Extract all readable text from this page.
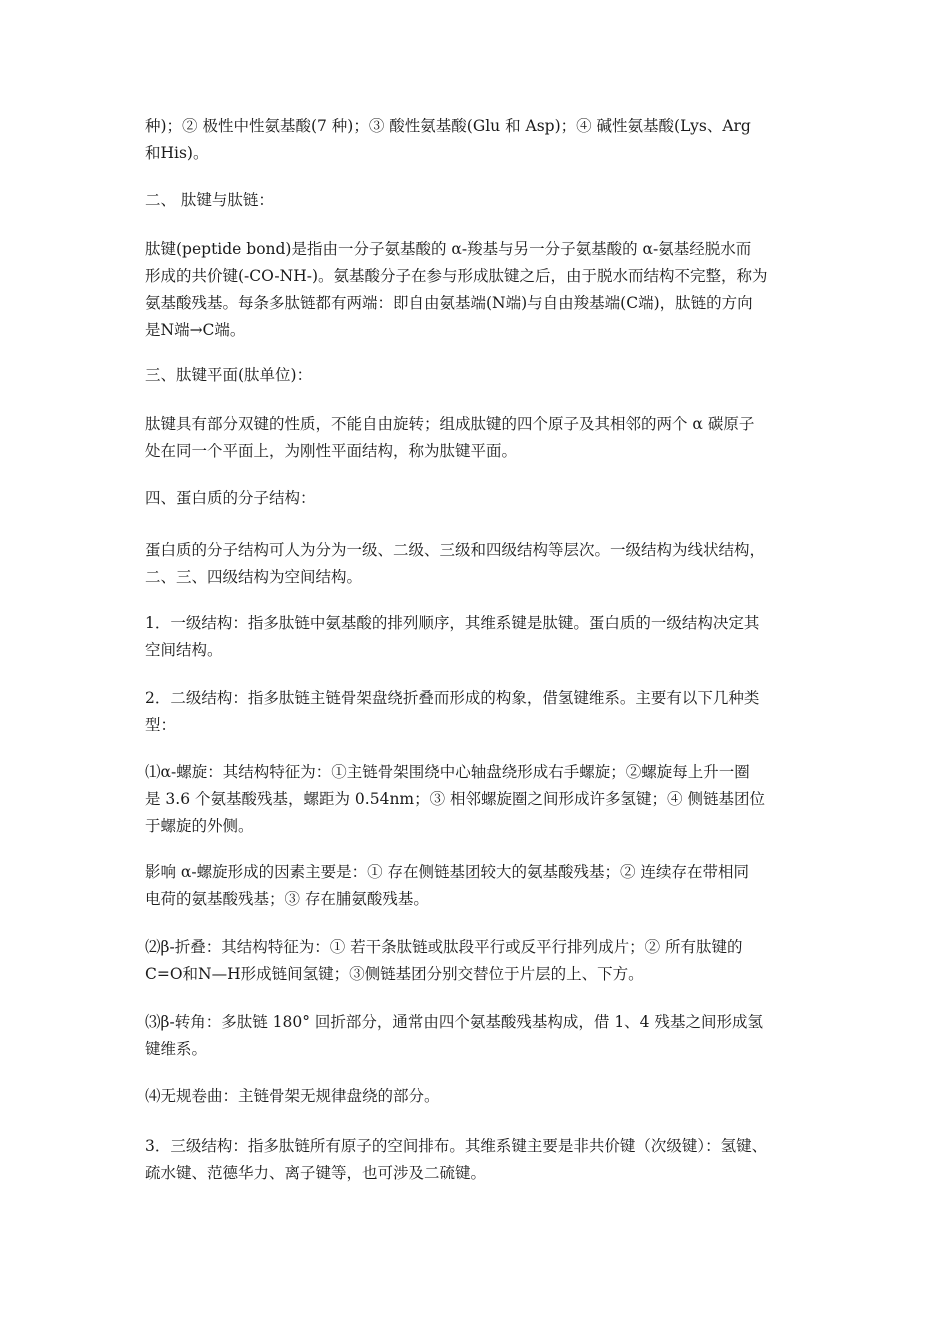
种)；② 极性中性氨基酸(7 种)；③ 酸性氨基酸(Glu 和 Asp)；④ 碱性氨基酸(Lys、Arg
和His)。

二、 肽键与肽链：

肽键(peptide bond)是指由一分子氨基酸的 α-羧基与另一分子氨基酸的 α-氨基经脱水而
形成的共价键(-CO-NH-)。氨基酸分子在参与形成肽键之后，由于脱水而结构不完整，称为
氨基酸残基。每条多肽链都有两端：即自由氨基端(N端)与自由羧基端(C端)，肽链的方向
是N端→C端。

三、肽键平面(肽单位)：

肽键具有部分双键的性质，不能自由旋转；组成肽键的四个原子及其相邻的两个 α 碳原子
处在同一个平面上，为刚性平面结构，称为肽键平面。

四、蛋白质的分子结构：

蛋白质的分子结构可人为分为一级、二级、三级和四级结构等层次。一级结构为线状结构，
二、三、四级结构为空间结构。

1．一级结构：指多肽链中氨基酸的排列顺序，其维系键是肽键。蛋白质的一级结构决定其
空间结构。

2．二级结构：指多肽链主链骨架盘绕折叠而形成的构象，借氢键维系。主要有以下几种类
型：

⑴α-螺旋：其结构特征为：①主链骨架围绕中心轴盘绕形成右手螺旋；②螺旋每上升一圈
是 3.6 个氨基酸残基，螺距为 0.54nm；③ 相邻螺旋圈之间形成许多氢键；④ 侧链基团位
于螺旋的外侧。

影响 α-螺旋形成的因素主要是：① 存在侧链基团较大的氨基酸残基；② 连续存在带相同
电荷的氨基酸残基；③ 存在脯氨酸残基。

⑵β-折叠：其结构特征为：① 若干条肽链或肽段平行或反平行排列成片；② 所有肽键的
C=O和N—H形成链间氢键；③侧链基团分别交替位于片层的上、下方。

⑶β-转角：多肽链 180° 回折部分，通常由四个氨基酸残基构成，借 1、4 残基之间形成氢
键维系。

⑷无规卷曲：主链骨架无规律盘绕的部分。

3．三级结构：指多肽链所有原子的空间排布。其维系键主要是非共价键（次级键）：氢键、
疏水键、范德华力、离子键等，也可涉及二硫键。
